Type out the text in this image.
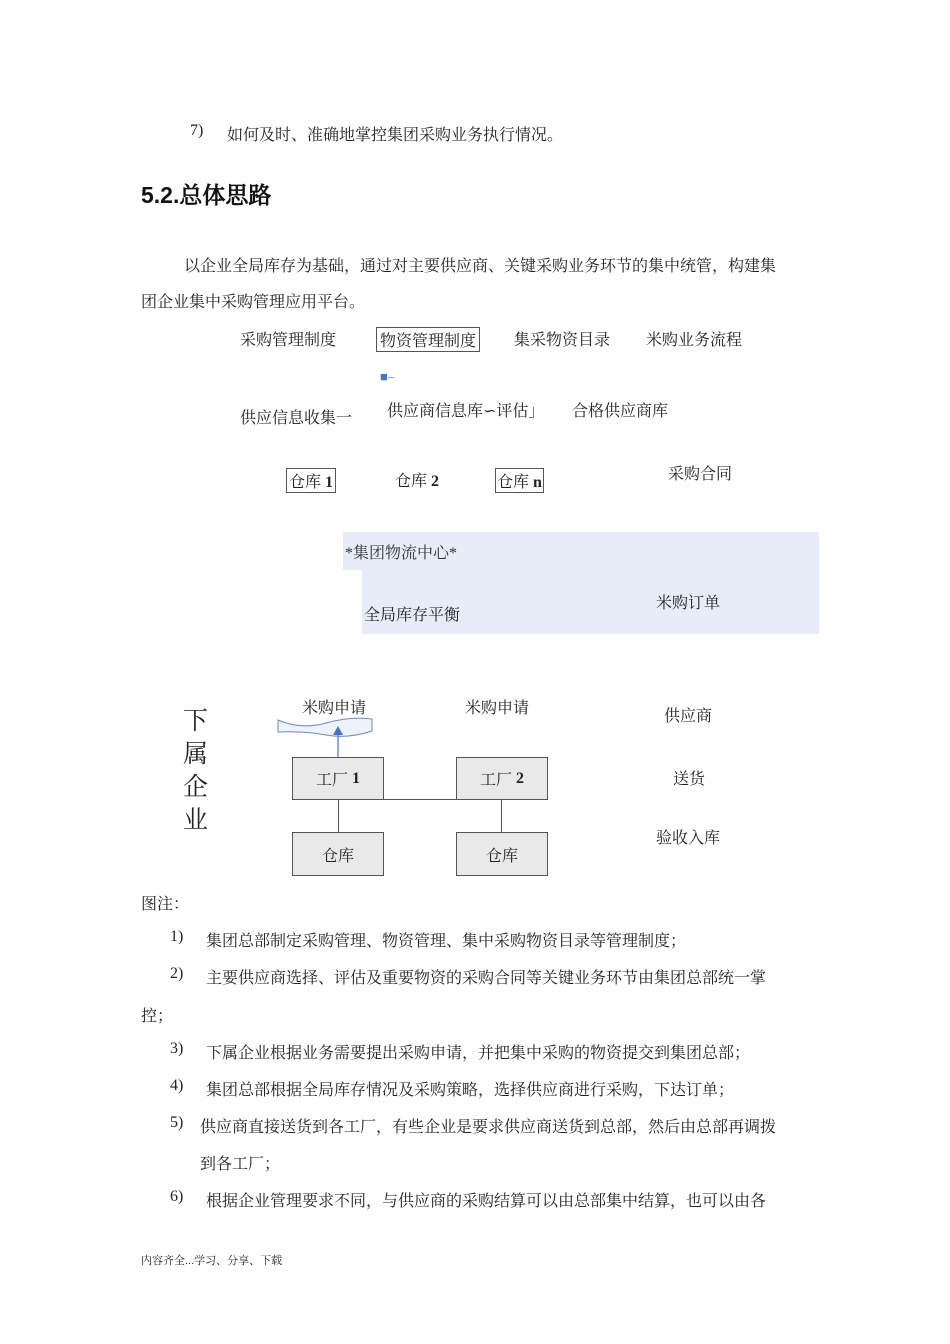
7) 如何及时、准确地掌控集团采购业务执行情况。
5.2.总体思路
以企业全局库存为基础，通过对主要供应商、关键采购业务环节的集中统管，构建集
团企业集中采购管理应用平台。
采购管理制度	物资管理制度 集采物资目录 米购业务流程
■–
供应信息收集一 供应商信息库∽评估」 合格供应商库
仓库 1	仓库 2	仓库 n	采购合同
*集团物流中心*
全局库存平衡
米购订单
米购申请	米购申请
下
属
企
业
工厂
1	工厂
2
仓库	仓库
供应商
送货
验收入库
图注：
1) 集团总部制定采购管理、物资管理、集中采购物资目录等管理制度；
2) 主要供应商选择、评估及重要物资的采购合同等关键业务环节由集团总部统一掌
控；
3) 下属企业根据业务需要提出采购申请，并把集中采购的物资提交到集团总部；
4) 集团总部根据全局库存情况及采购策略，选择供应商进行采购，下达订单；
5) 供应商直接送货到各工厂，有些企业是要求供应商送货到总部，然后由总部再调拨
到各工厂；
6) 根据企业管理要求不同，与供应商的采购结算可以由总部集中结算，也可以由各
内容齐全...学习、分享、下载
